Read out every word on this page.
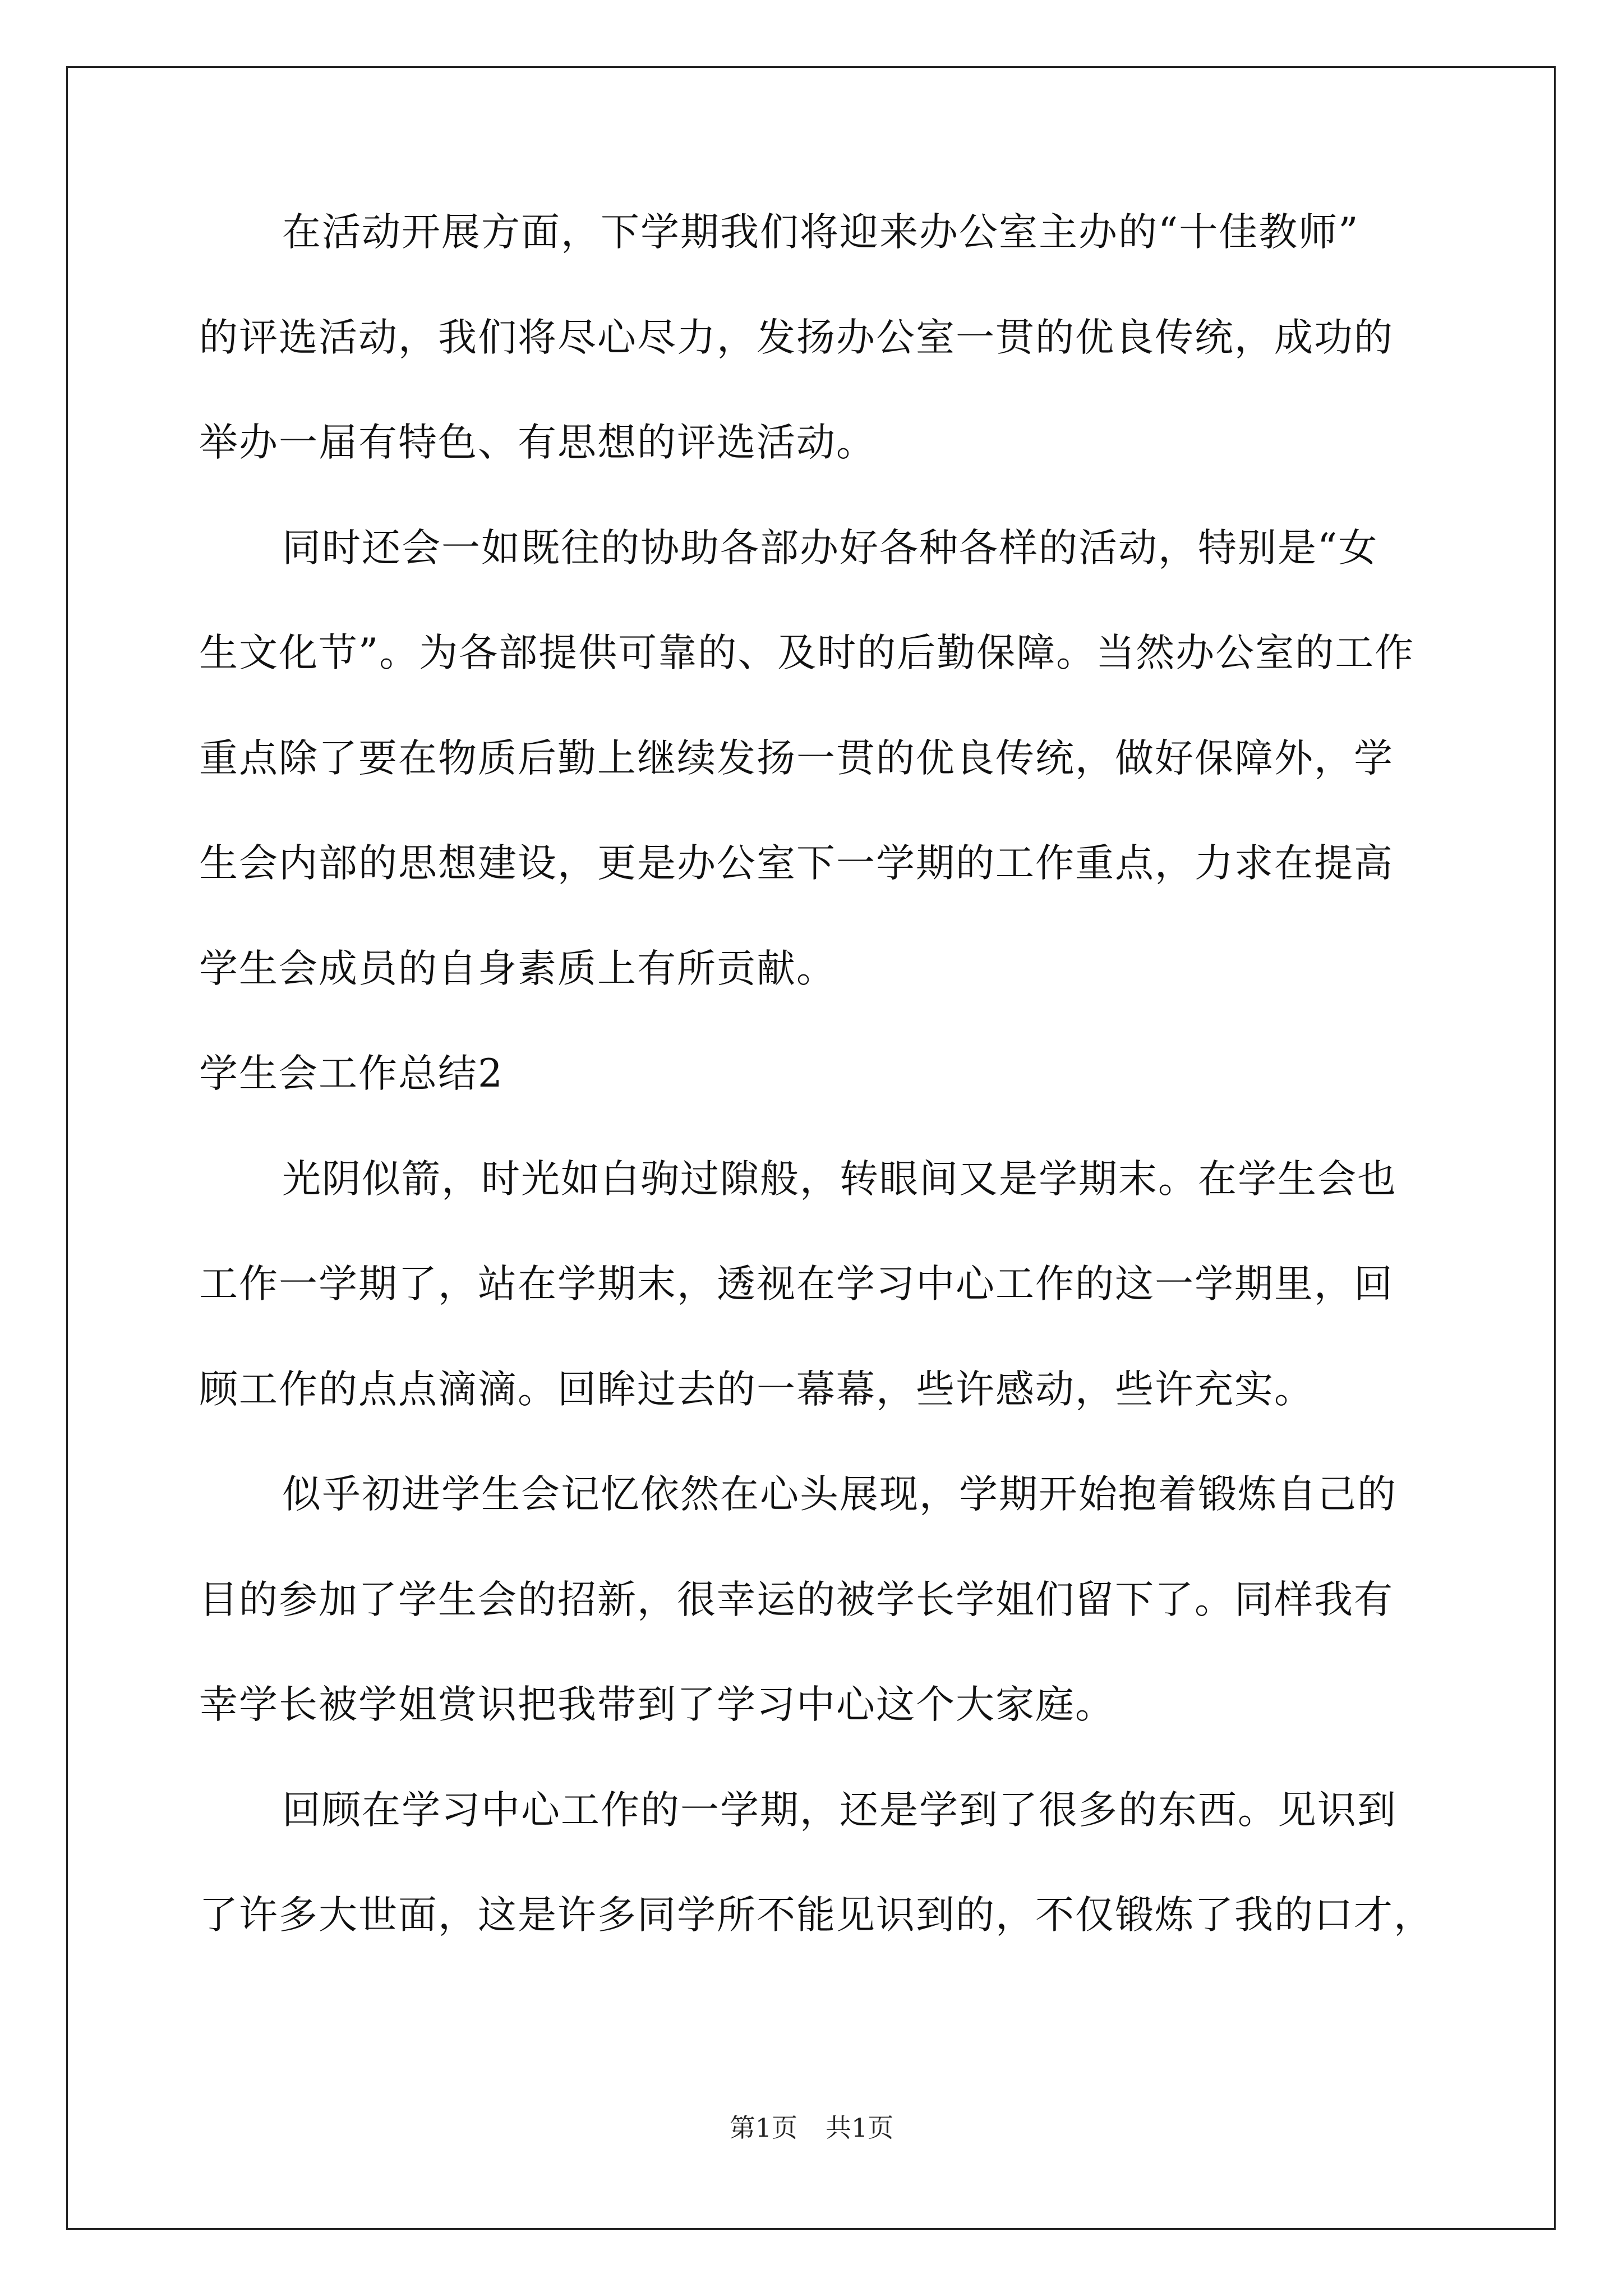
在活动开展方面，下学期我们将迎来办公室主办的“十佳教师”
的评选活动，我们将尽心尽力，发扬办公室一贯的优良传统，成功的
举办一届有特色、有思想的评选活动。
同时还会一如既往的协助各部办好各种各样的活动，特别是“女
生文化节”。为各部提供可靠的、及时的后勤保障。当然办公室的工作
重点除了要在物质后勤上继续发扬一贯的优良传统，做好保障外，学
生会内部的思想建设，更是办公室下一学期的工作重点，力求在提高
学生会成员的自身素质上有所贡献。
学生会工作总结2
光阴似箭，时光如白驹过隙般，转眼间又是学期末。在学生会也
工作一学期了，站在学期末，透视在学习中心工作的这一学期里，回
顾工作的点点滴滴。回眸过去的一幕幕，些许感动，些许充实。
似乎初进学生会记忆依然在心头展现，学期开始抱着锻炼自己的
目的参加了学生会的招新，很幸运的被学长学姐们留下了。同样我有
幸学长被学姐赏识把我带到了学习中心这个大家庭。
回顾在学习中心工作的一学期，还是学到了很多的东西。见识到
了许多大世面，这是许多同学所不能见识到的，不仅锻炼了我的口才，
第1页 共1页
